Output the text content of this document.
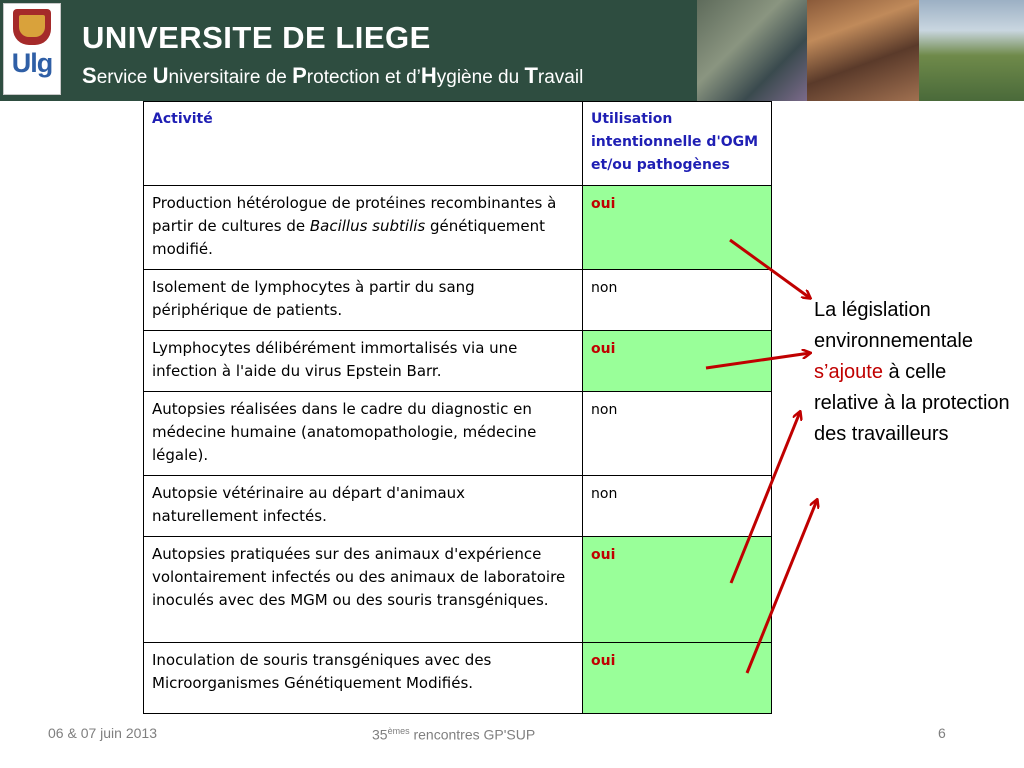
Ulg
UNIVERSITE DE LIEGE
Service Universitaire de Protection et d’Hygiène du Travail
Activité	Utilisation intentionnelle d'OGM et/ou pathogènes
Production hétérologue de protéines recombinantes à partir de cultures de Bacillus subtilis génétiquement modifié.	oui
Isolement de lymphocytes à partir du sang périphérique de patients.	non
Lymphocytes délibérément immortalisés via une infection à l'aide du virus Epstein Barr.	oui
Autopsies réalisées dans le cadre du diagnostic en médecine humaine (anatomopathologie, médecine légale).	non
Autopsie vétérinaire au départ d'animaux naturellement infectés.	non
Autopsies pratiquées sur des animaux d'expérience volontairement infectés ou des animaux de laboratoire inoculés avec des MGM ou des souris transgéniques.	oui
Inoculation de souris transgéniques avec des Microorganismes Génétiquement Modifiés.	oui
La législation environnementale s’ajoute à celle relative à la protection des travailleurs
06 & 07 juin 2013	35èmes rencontres GP'SUP	6
